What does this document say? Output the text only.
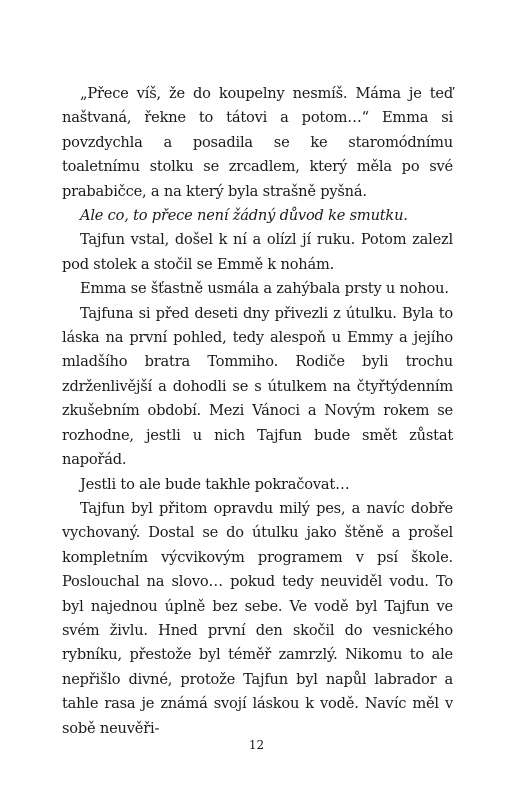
„Přece víš, že do koupelny nesmíš. Máma je teď naštvaná, řekne to tátovi a potom…“ Emma si povzdychla a posadila se ke staromódnímu toaletnímu stolku se zrcadlem, který měla po své prababičce, a na který byla strašně pyšná.

Ale co, to přece není žádný důvod ke smutku.

Tajfun vstal, došel k ní a olízl jí ruku. Potom zalezl pod stolek a stočil se Emmě k nohám.

Emma se šťastně usmála a zahýbala prsty u nohou.

Tajfuna si před deseti dny přivezli z útulku. Byla to láska na první pohled, tedy alespoň u Emmy a jejího mladšího bratra Tommiho. Rodiče byli trochu zdrženlivější a dohodli se s útulkem na čtyřtýdenním zkušebním období. Mezi Vánoci a Novým rokem se rozhodne, jestli u nich Tajfun bude smět zůstat napořád.

Jestli to ale bude takhle pokračovat…

Tajfun byl přitom opravdu milý pes, a navíc dobře vychovaný. Dostal se do útulku jako štěně a prošel kompletním výcvikovým programem v psí škole. Poslouchal na slovo… pokud tedy neuviděl vodu. To byl najednou úplně bez sebe. Ve vodě byl Tajfun ve svém živlu. Hned první den skočil do vesnického rybníku, přestože byl téměř zamrzlý. Nikomu to ale nepřišlo divné, protože Tajfun byl napůl labrador a tahle rasa je známá svojí láskou k vodě. Navíc měl v sobě neuvěři-

12
